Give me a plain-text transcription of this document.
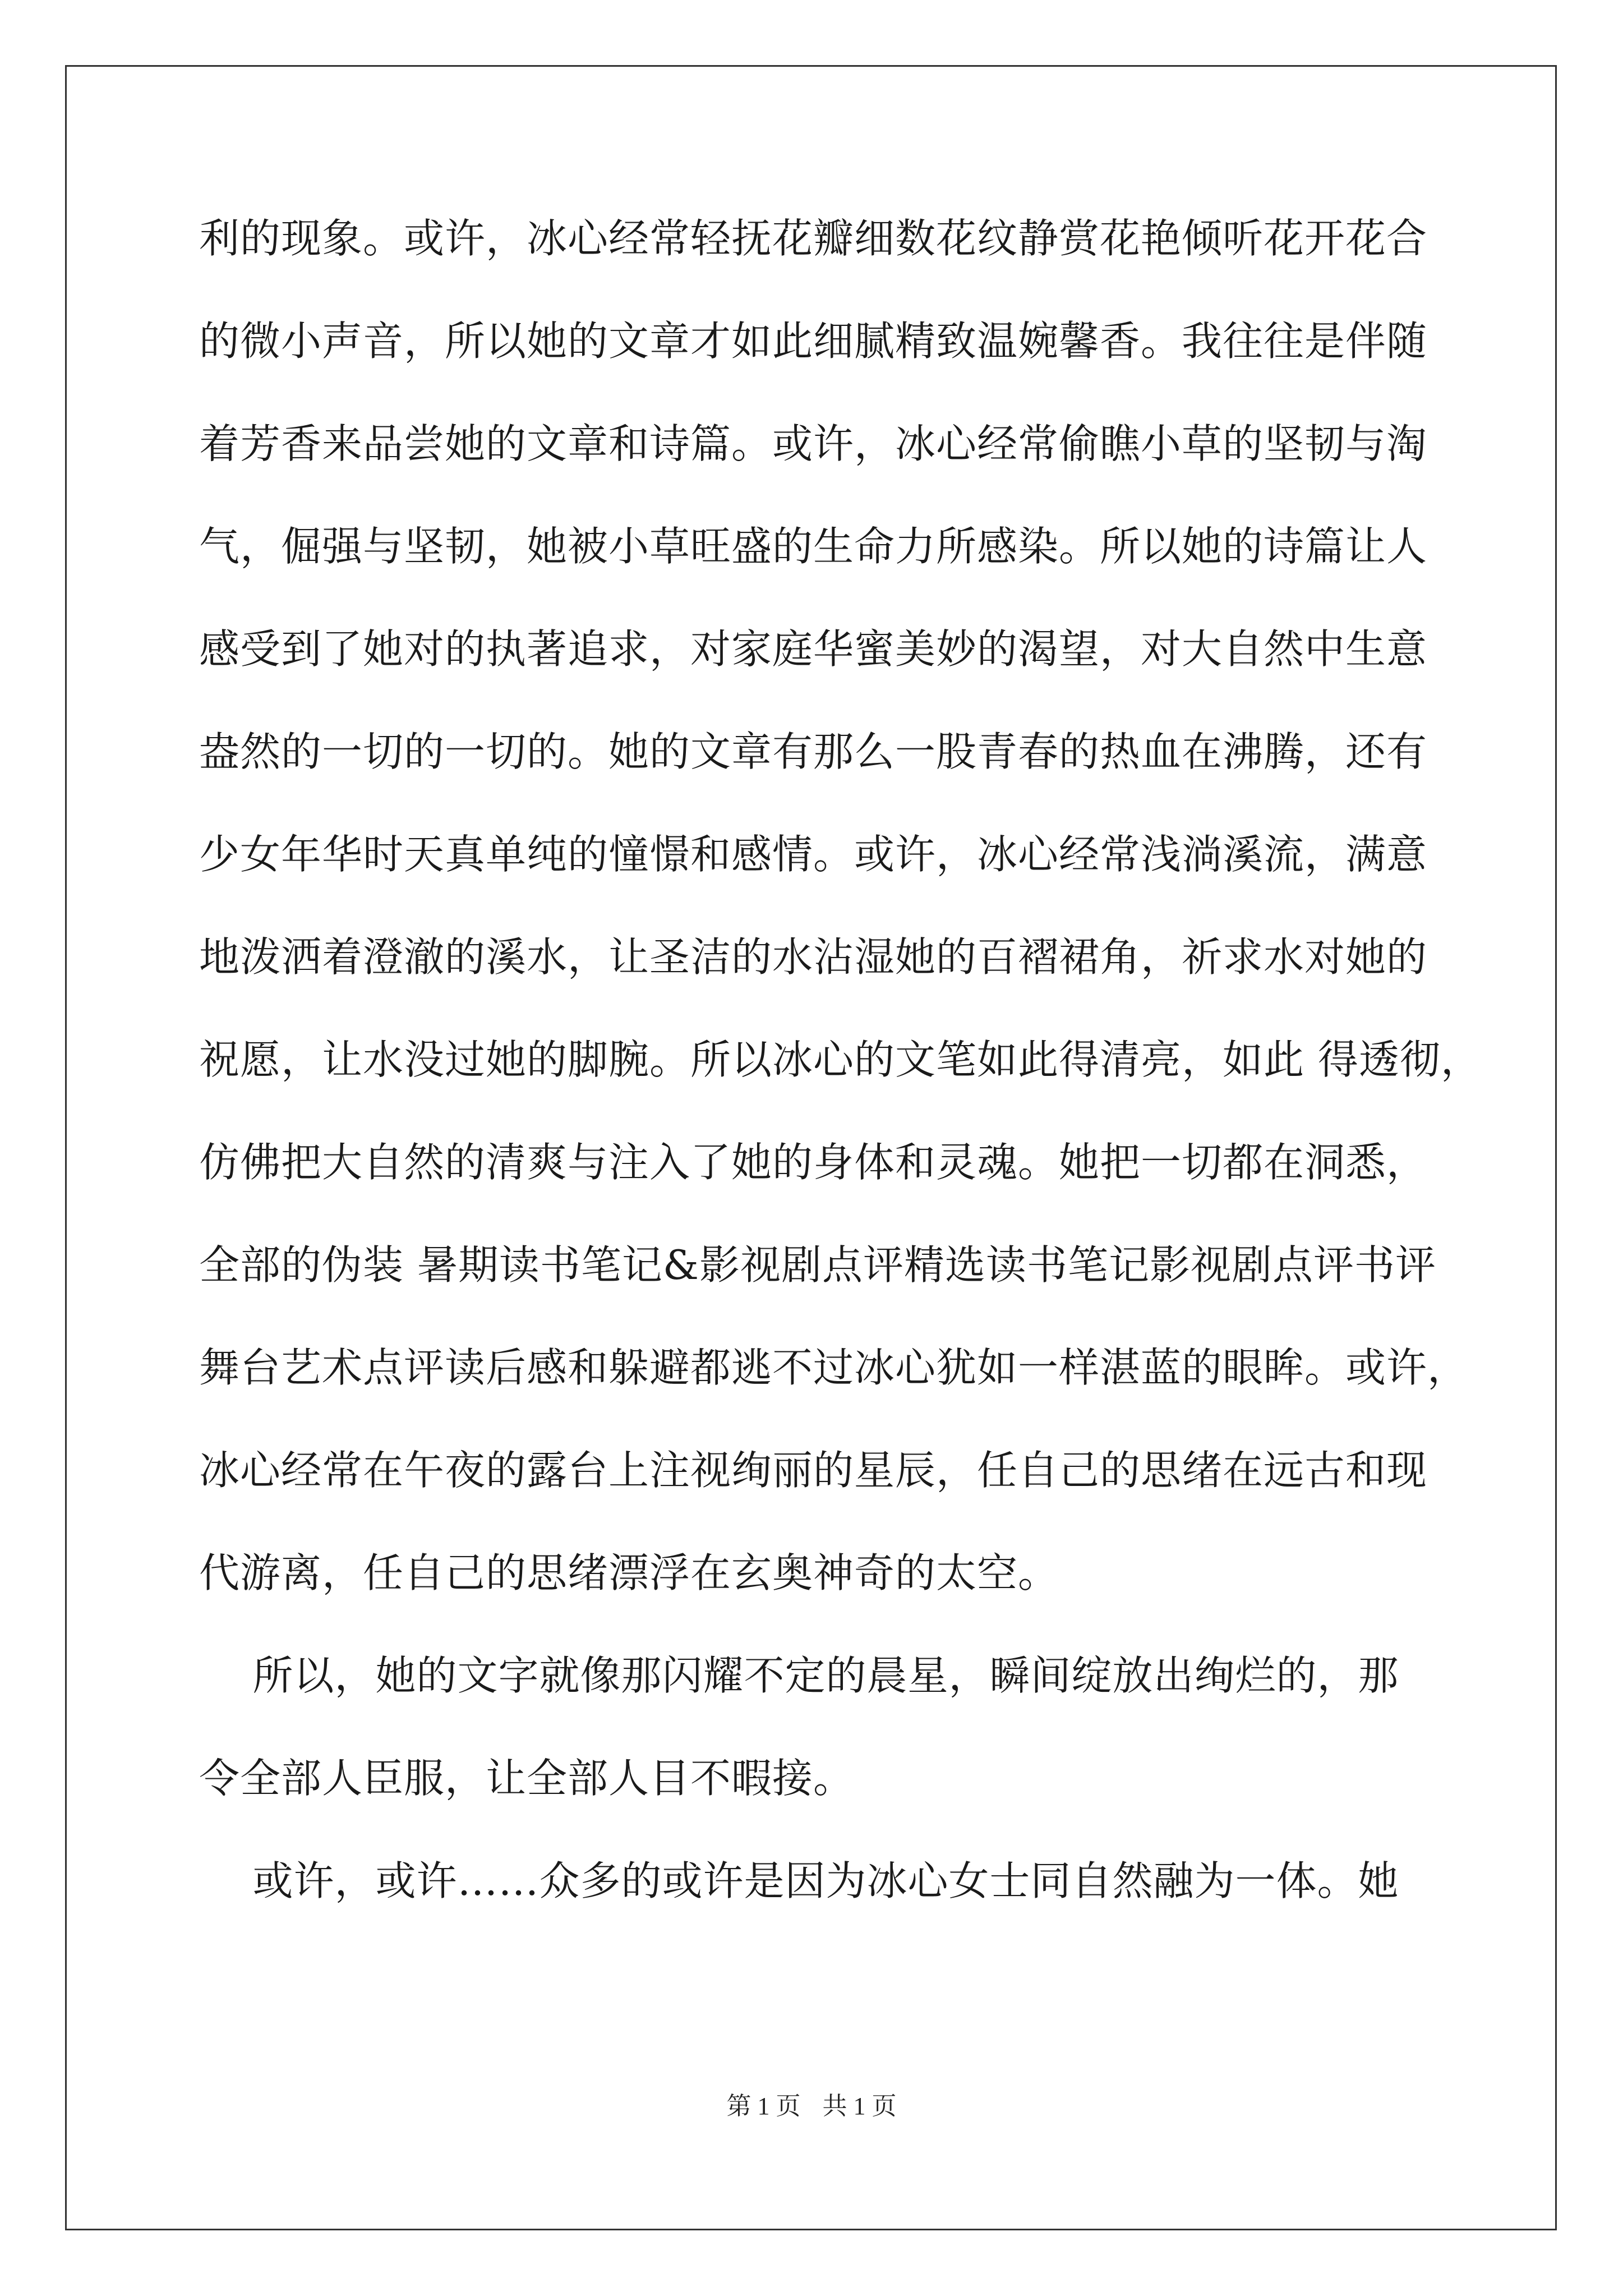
利的现象。或许，冰心经常轻抚花瓣细数花纹静赏花艳倾听花开花合
的微小声音，所以她的文章才如此细腻精致温婉馨香。我往往是伴随
着芳香来品尝她的文章和诗篇。或许，冰心经常偷瞧小草的坚韧与淘
气，倔强与坚韧，她被小草旺盛的生命力所感染。所以她的诗篇让人
感受到了她对的执著追求，对家庭华蜜美妙的渴望，对大自然中生意
盎然的一切的一切的。她的文章有那么一股青春的热血在沸腾，还有
少女年华时天真单纯的憧憬和感情。或许，冰心经常浅淌溪流，满意
地泼洒着澄澈的溪水，让圣洁的水沾湿她的百褶裙角，祈求水对她的
祝愿，让水没过她的脚腕。所以冰心的文笔如此得清亮，如此 得透彻，
仿佛把大自然的清爽与注入了她的身体和灵魂。她把一切都在洞悉，
全部的伪装 暑期读书笔记&影视剧点评精选读书笔记影视剧点评书评
舞台艺术点评读后感和躲避都逃不过冰心犹如一样湛蓝的眼眸。或许，
冰心经常在午夜的露台上注视绚丽的星辰，任自己的思绪在远古和现
代游离，任自己的思绪漂浮在玄奥神奇的太空。
所以，她的文字就像那闪耀不定的晨星，瞬间绽放出绚烂的，那
令全部人臣服，让全部人目不暇接。
或许，或许……众多的或许是因为冰心女士同自然融为一体。她
第 1 页 共 1 页
